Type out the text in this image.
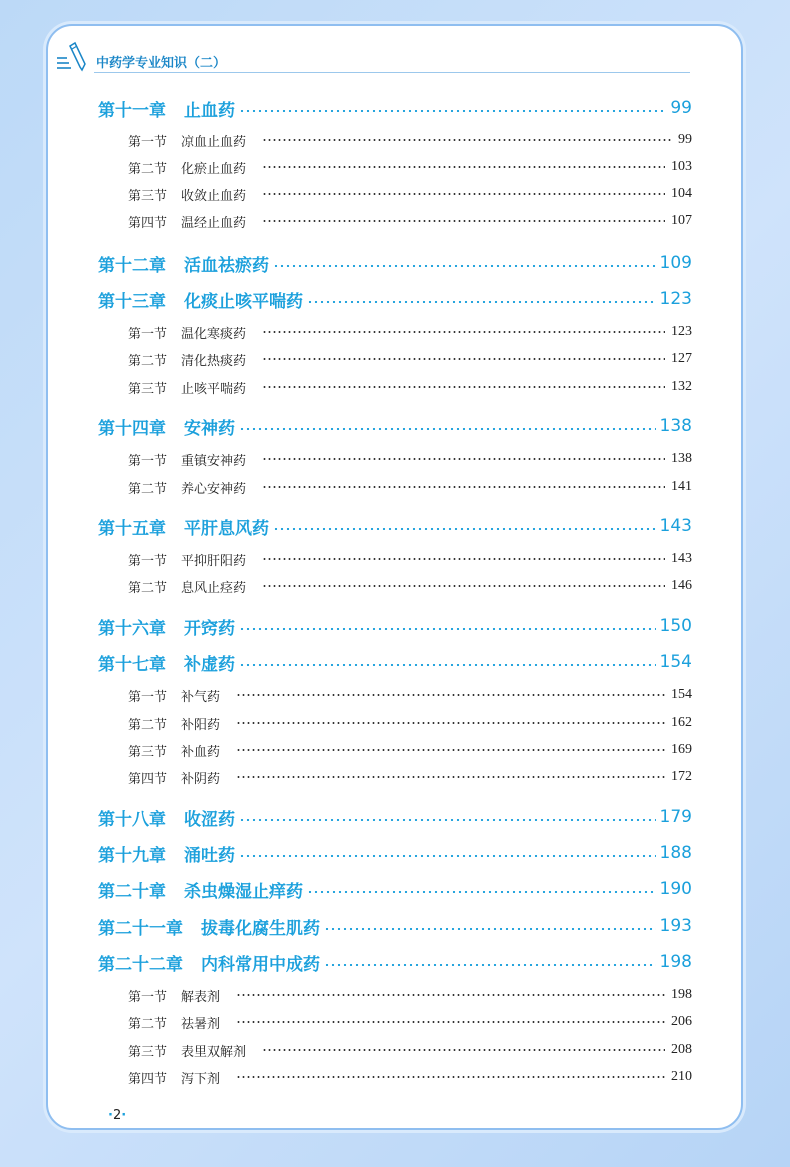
中药学专业知识（二）
第十一章 止血药	99
第一节 凉血止血药	99
第二节 化瘀止血药	103
第三节 收敛止血药	104
第四节 温经止血药	107
第十二章 活血祛瘀药	109
第十三章 化痰止咳平喘药	123
第一节 温化寒痰药	123
第二节 清化热痰药	127
第三节 止咳平喘药	132
第十四章 安神药	138
第一节 重镇安神药	138
第二节 养心安神药	141
第十五章 平肝息风药	143
第一节 平抑肝阳药	143
第二节 息风止痉药	146
第十六章 开窍药	150
第十七章 补虚药	154
第一节 补气药	154
第二节 补阳药	162
第三节 补血药	169
第四节 补阴药	172
第十八章 收涩药	179
第十九章 涌吐药	188
第二十章 杀虫燥湿止痒药	190
第二十一章 拔毒化腐生肌药	193
第二十二章 内科常用中成药	198
第一节 解表剂	198
第二节 祛暑剂	206
第三节 表里双解剂	208
第四节 泻下剂	210
·2·
